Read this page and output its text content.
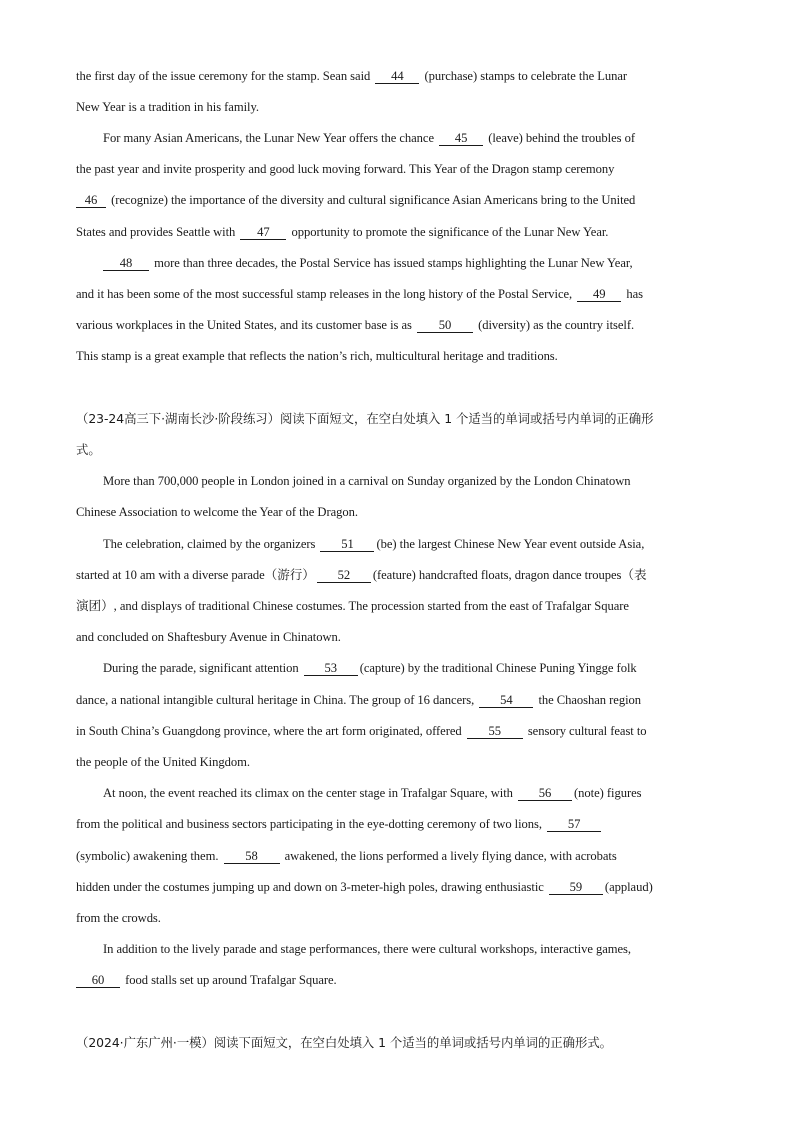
the first day of the issue ceremony for the stamp. Sean said 44 (purchase) stamps to celebrate the Lunar
New Year is a tradition in his family.
For many Asian Americans, the Lunar New Year offers the chance 45 (leave) behind the troubles of
the past year and invite prosperity and good luck moving forward. This Year of the Dragon stamp ceremony
46 (recognize) the importance of the diversity and cultural significance Asian Americans bring to the United
States and provides Seattle with 47 opportunity to promote the significance of the Lunar New Year.
48 more than three decades, the Postal Service has issued stamps highlighting the Lunar New Year,
and it has been some of the most successful stamp releases in the long history of the Postal Service, 49 has
various workplaces in the United States, and its customer base is as 50 (diversity) as the country itself.
This stamp is a great example that reflects the nation’s rich, multicultural heritage and traditions.
（23-24高三下·湖南长沙·阶段练习）阅读下面短文，在空白处填入 1 个适当的单词或括号内单词的正确形
式。
More than 700,000 people in London joined in a carnival on Sunday organized by the London Chinatown
Chinese Association to welcome the Year of the Dragon.
The celebration, claimed by the organizers 51 (be) the largest Chinese New Year event outside Asia,
started at 10 am with a diverse parade（游行） 52 (feature) handcrafted floats, dragon dance troupes（表
演团）, and displays of traditional Chinese costumes. The procession started from the east of Trafalgar Square
and concluded on Shaftesbury Avenue in Chinatown.
During the parade, significant attention 53 (capture) by the traditional Chinese Puning Yingge folk
dance, a national intangible cultural heritage in China. The group of 16 dancers, 54 the Chaoshan region
in South China’s Guangdong province, where the art form originated, offered 55 sensory cultural feast to
the people of the United Kingdom.
At noon, the event reached its climax on the center stage in Trafalgar Square, with 56 (note) figures
from the political and business sectors participating in the eye-dotting ceremony of two lions, 57
(symbolic) awakening them. 58 awakened, the lions performed a lively flying dance, with acrobats
hidden under the costumes jumping up and down on 3-meter-high poles, drawing enthusiastic 59 (applaud)
from the crowds.
In addition to the lively parade and stage performances, there were cultural workshops, interactive games,
60 food stalls set up around Trafalgar Square.
（2024·广东广州·一模）阅读下面短文，在空白处填入 1 个适当的单词或括号内单词的正确形式。
